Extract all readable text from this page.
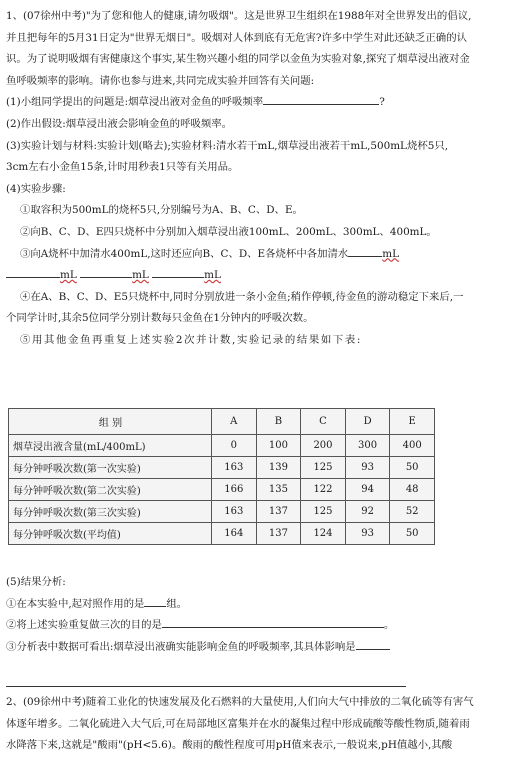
1、(07徐州中考)"为了您和他人的健康,请勿吸烟"。这是世界卫生组织在1988年对全世界发出的倡议,
并且把每年的5月31日定为"世界无烟日"。吸烟对人体到底有无危害?许多中学生对此还缺乏正确的认
识。为了说明吸烟有害健康这个事实,某生物兴趣小组的同学以金鱼为实验对象,探究了烟草浸出液对金
鱼呼吸频率的影响。请你也参与进来,共同完成实验并回答有关问题:
(1)小组同学提出的问题是:烟草浸出液对金鱼的呼吸频率	?
(2)作出假设:烟草浸出液会影响金鱼的呼吸频率。
(3)实验计划与材料:实验计划(略去);实验材料:清水若干mL,烟草浸出液若干mL,500mL烧杯5只,
3cm左右小金鱼15条,计时用秒表1只等有关用品。
(4)实验步骤:
①取容积为500mL的烧杯5只,分别编号为A、B、C、D、E。
②向B、C、D、E四只烧杯中分别加入烟草浸出液100mL、200mL、300mL、400mL。
③向A烧杯中加清水400mL,这时还应向B、C、D、E各烧杯中各加清水	mL
mL	mL	mL
④在A、B、C、D、E5只烧杯中,同时分别放进一条小金鱼;稍作停顿,待金鱼的游动稳定下来后,一
个同学计时,其余5位同学分别计数每只金鱼在1分钟内的呼吸次数。
⑤用其他金鱼再重复上述实验2次并计数,实验记录的结果如下表:
组 别	A	B	C	D	E
烟草浸出液含量(mL/400mL)	0	100	200	300	400
每分钟呼吸次数(第一次实验)	163	139	125	93	50
每分钟呼吸次数(第二次实验)	166	135	122	94	48
每分钟呼吸次数(第三次实验)	163	137	125	92	52
每分钟呼吸次数(平均值)	164	137	124	93	50
(5)结果分析:
①在本实验中,起对照作用的是 组。
②将上述实验重复做三次的目的是	。
③分析表中数据可看出:烟草浸出液确实能影响金鱼的呼吸频率,其具体影响是
2、(09徐州中考)随着工业化的快速发展及化石燃料的大量使用,人们向大气中排放的二氧化硫等有害气
体逐年增多。二氧化硫进入大气后,可在局部地区富集并在水的凝集过程中形成硫酸等酸性物质,随着雨
水降落下来,这就是"酸雨"(pH<5.6)。酸雨的酸性程度可用pH值来表示,一般说来,pH值越小,其酸
